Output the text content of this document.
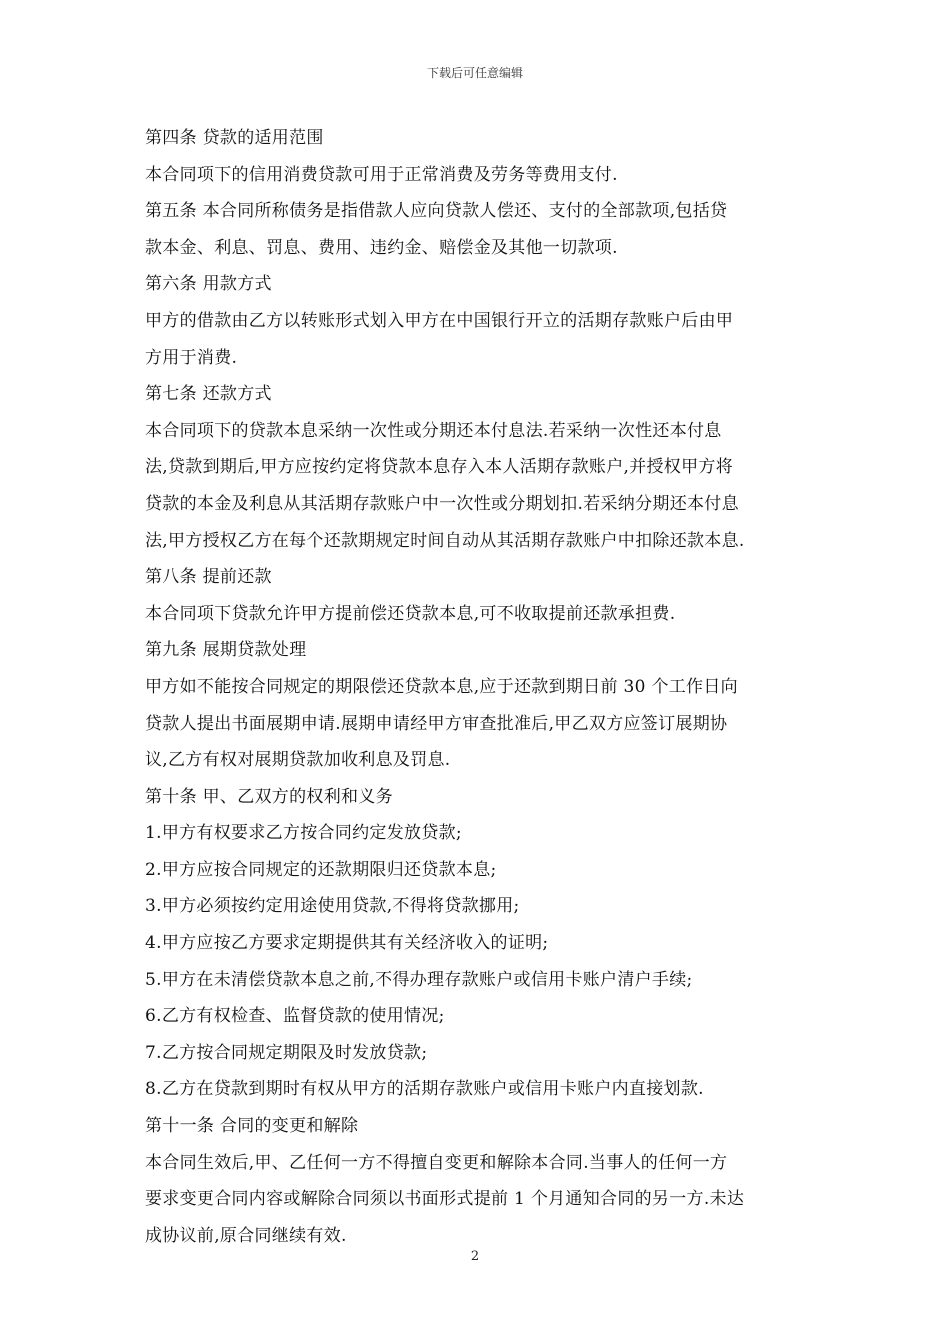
下载后可任意编辑
第四条 贷款的适用范围
本合同项下的信用消费贷款可用于正常消费及劳务等费用支付.
第五条 本合同所称债务是指借款人应向贷款人偿还、支付的全部款项,包括贷
款本金、利息、罚息、费用、违约金、赔偿金及其他一切款项.
第六条 用款方式
甲方的借款由乙方以转账形式划入甲方在中国银行开立的活期存款账户后由甲
方用于消费.
第七条 还款方式
本合同项下的贷款本息采纳一次性或分期还本付息法.若采纳一次性还本付息
法,贷款到期后,甲方应按约定将贷款本息存入本人活期存款账户,并授权甲方将
贷款的本金及利息从其活期存款账户中一次性或分期划扣.若采纳分期还本付息
法,甲方授权乙方在每个还款期规定时间自动从其活期存款账户中扣除还款本息.
第八条 提前还款
本合同项下贷款允许甲方提前偿还贷款本息,可不收取提前还款承担费.
第九条 展期贷款处理
甲方如不能按合同规定的期限偿还贷款本息,应于还款到期日前 30 个工作日向
贷款人提出书面展期申请.展期申请经甲方审查批准后,甲乙双方应签订展期协
议,乙方有权对展期贷款加收利息及罚息.
第十条 甲、乙双方的权利和义务
1.甲方有权要求乙方按合同约定发放贷款;
2.甲方应按合同规定的还款期限归还贷款本息;
3.甲方必须按约定用途使用贷款,不得将贷款挪用;
4.甲方应按乙方要求定期提供其有关经济收入的证明;
5.甲方在未清偿贷款本息之前,不得办理存款账户或信用卡账户清户手续;
6.乙方有权检查、监督贷款的使用情况;
7.乙方按合同规定期限及时发放贷款;
8.乙方在贷款到期时有权从甲方的活期存款账户或信用卡账户内直接划款.
第十一条 合同的变更和解除
本合同生效后,甲、乙任何一方不得擅自变更和解除本合同.当事人的任何一方
要求变更合同内容或解除合同须以书面形式提前 1 个月通知合同的另一方.未达
成协议前,原合同继续有效.
2
